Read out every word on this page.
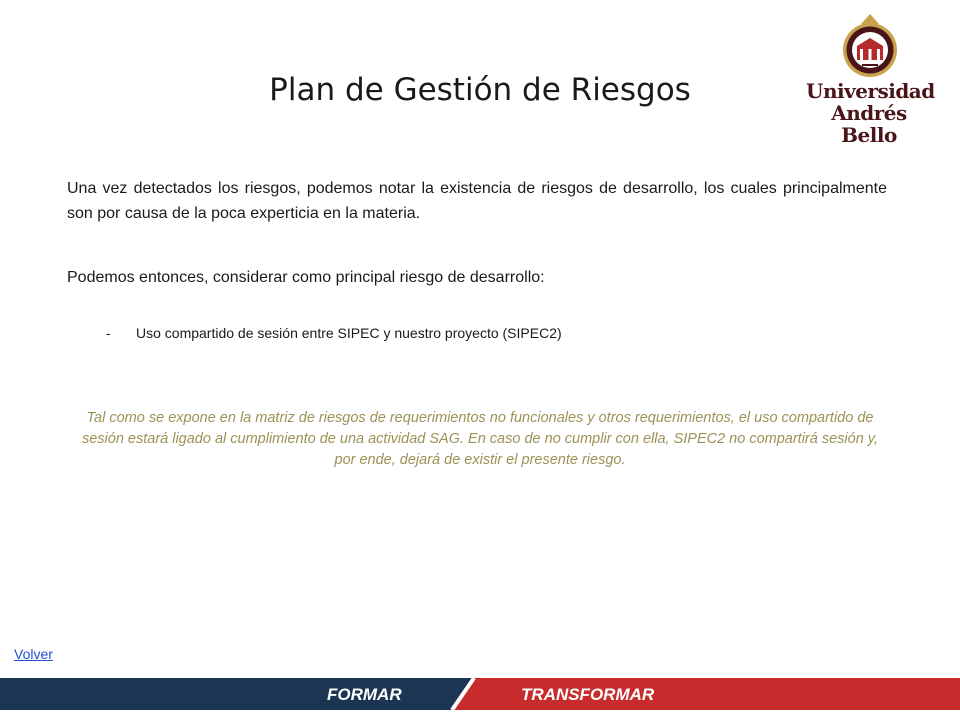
Plan de Gestión de Riesgos	Universidad
Andrés Bello
Una vez detectados los riesgos, podemos notar la existencia de riesgos de desarrollo, los cuales principalmente son por causa de la poca experticia en la materia.
Podemos entonces, considerar como principal riesgo de desarrollo:
- Uso compartido de sesión entre SIPEC y nuestro proyecto (SIPEC2)
Tal como se expone en la matriz de riesgos de requerimientos no funcionales y otros requerimientos, el uso compartido de sesión estará ligado al cumplimiento de una actividad SAG. En caso de no cumplir con ella, SIPEC2 no compartirá sesión y, por ende, dejará de existir el presente riesgo.
Volver
FORMAR	TRANSFORMAR
